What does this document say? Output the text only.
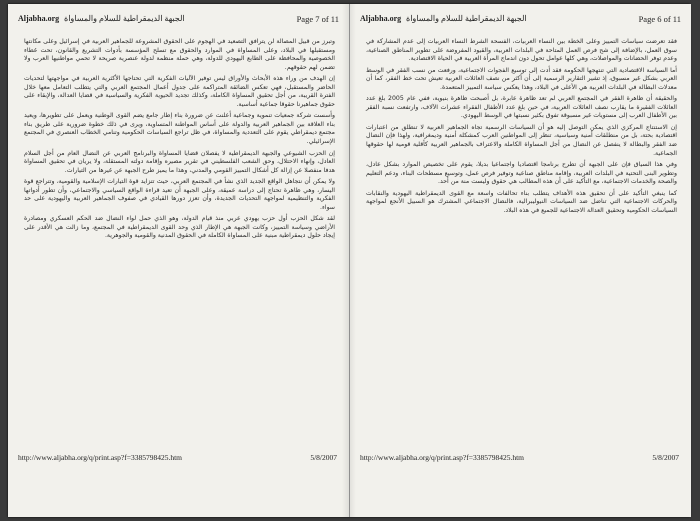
Aljabha.org الجبهة الديمقراطية للسلام والمساواة	Page 7 of 11

وتبرز من قبيل المصالة لن يترافق التصعيد في الهجوم على الحقوق المشروعة للجماهير العربية في إسرائيل وعلى مكانتها ومستقبلها في البلاد، وعلى المساواة في الموارد والحقوق مع تسلح المؤسسة بأدوات التشريع والقانون، تحت غطاء الخصوصية والمحافظة على الطابع اليهودي للدولة، وهي حملة منظمة لدولة عنصرية صريحة لا تحمي مواطنيها العرب ولا تضمن لهم حقوقهم.

إن الهدف من وراء هذه الأبحاث والأوراق ليس توفير الآليات الفكرية التي تحتاجها الأكثرية العربية في مواجهتها لتحديات الحاضر والمستقبل، فهي تعكس الضائقة المتراكمة على جدول أعمال المجتمع العربي والتي يتطلب التعامل معها خلال الفترة القريبة، من أجل تحقيق المساواة الكاملة، وكذلك تجديد الحيوية الفكرية والسياسية في قضايا العدالة، والإبقاء على حقوق جماهيرنا حقوقا جماعية أساسية.

وأسست شركة جمعيات تنموية وجماعية أعلنت عن ضرورة بناء إطار جامع يضم القوى الوطنية ويعمل على تطويرها، ويعيد بناء العلاقة بين الجماهير العربية والدولة على أساس المواطنة المتساوية، ويرى في ذلك خطوة ضرورية على طريق بناء مجتمع ديمقراطي يقوم على التعددية والمساواة، في ظل تراجع السياسات الحكومية وتنامي الخطاب العنصري في المجتمع الإسرائيلي.

إن الحزب الشيوعي والجبهة الديمقراطية لا يفصلان قضايا المساواة والبرنامج العربي عن النضال العام من أجل السلام العادل، وإنهاء الاحتلال، وحق الشعب الفلسطيني في تقرير مصيره وإقامة دولته المستقلة، ولا يريان في تحقيق المساواة هدفا منفصلا عن إزالة كل أشكال التمييز القومي والمدني، وهذا ما يميز طرح الجبهة عن غيرها من التيارات.

ولا يمكن أن نتجاهل الواقع الجديد الذي نشأ في المجتمع العربي، حيث تتزايد قوة التيارات الإسلامية والقومية، وتتراجع قوة اليسار، وهي ظاهرة تحتاج إلى دراسة عميقة، وعلى الجبهة أن تعيد قراءة الواقع السياسي والاجتماعي، وأن تطور أدواتها الفكرية والتنظيمية لمواجهة التحديات الجديدة، وأن تعزز دورها القيادي في صفوف الجماهير العربية واليهودية على حد سواء.

لقد شكل الحزب أول حزب يهودي عربي منذ قيام الدولة، وهو الذي حمل لواء النضال ضد الحكم العسكري ومصادرة الأراضي وسياسة التمييز، وكانت الجبهة هي الإطار الذي وحد القوى الديمقراطية في المجتمع، وما زالت هي الأقدر على إيجاد حلول ديمقراطية مبنية على المساواة الكاملة في الحقوق المدنية والقومية والجوهرية.

http://www.aljabha.org/q/print.asp?f=3385798425.htm	5/8/2007
Aljabha.org الجبهة الديمقراطية للسلام والمساواة	Page 6 of 11

فقد تعرضت سياسات التمييز وعلى الخطة بين النساء العربيات، الفسحة الشرط النساء العربيات إلى عدم المشاركة في سوق العمل، بالإضافة إلى شح فرص العمل المتاحة في البلدات العربية، والقيود المفروضة على تطوير المناطق الصناعية، وعدم توفر الحضانات والمواصلات، وهي كلها عوامل تحول دون اندماج المرأة العربية في الحياة الاقتصادية.

أما السياسة الاقتصادية التي تنتهجها الحكومة فقد أدت إلى توسيع الفجوات الاجتماعية، ورفعت من نسب الفقر في الوسط العربي بشكل غير مسبوق، إذ تشير التقارير الرسمية إلى أن أكثر من نصف العائلات العربية تعيش تحت خط الفقر، كما أن معدلات البطالة في البلدات العربية هي الأعلى في البلاد، وهذا يعكس سياسة التمييز المتعمدة.

والحقيقة أن ظاهرة الفقر في المجتمع العربي لم تعد ظاهرة عابرة، بل أصبحت ظاهرة بنيوية، ففي عام 2005 بلغ عدد العائلات الفقيرة ما يقارب نصف العائلات العربية، في حين بلغ عدد الأطفال الفقراء عشرات الآلاف، وارتفعت نسبة الفقر بين الأطفال العرب إلى مستويات غير مسبوقة تفوق بكثير نسبتها في الوسط اليهودي.

إن الاستنتاج المركزي الذي يمكن التوصل إليه هو أن السياسات الرسمية تجاه الجماهير العربية لا تنطلق من اعتبارات اقتصادية بحتة، بل من منطلقات أمنية وسياسية، تنظر إلى المواطنين العرب كمشكلة أمنية وديمغرافية، ولهذا فإن النضال ضد الفقر والبطالة لا ينفصل عن النضال من أجل المساواة الكاملة والاعتراف بالجماهير العربية كأقلية قومية لها حقوقها الجماعية.

وفي هذا السياق فإن على الجبهة أن تطرح برنامجا اقتصاديا واجتماعيا بديلا، يقوم على تخصيص الموارد بشكل عادل، وتطوير البنى التحتية في البلدات العربية، وإقامة مناطق صناعية وتوفير فرص عمل، وتوسيع مسطحات البناء، ودعم التعليم والصحة والخدمات الاجتماعية، مع التأكيد على أن هذه المطالب هي حقوق وليست منة من أحد.

كما ينبغي التأكيد على أن تحقيق هذه الأهداف يتطلب بناء تحالفات واسعة مع القوى الديمقراطية اليهودية والنقابات والحركات الاجتماعية التي تناضل ضد السياسات النيوليبرالية، فالنضال الاجتماعي المشترك هو السبيل الأنجع لمواجهة السياسات الحكومية وتحقيق العدالة الاجتماعية للجميع في هذه البلاد.

http://www.aljabha.org/q/print.asp?f=3385798425.htm	5/8/2007
